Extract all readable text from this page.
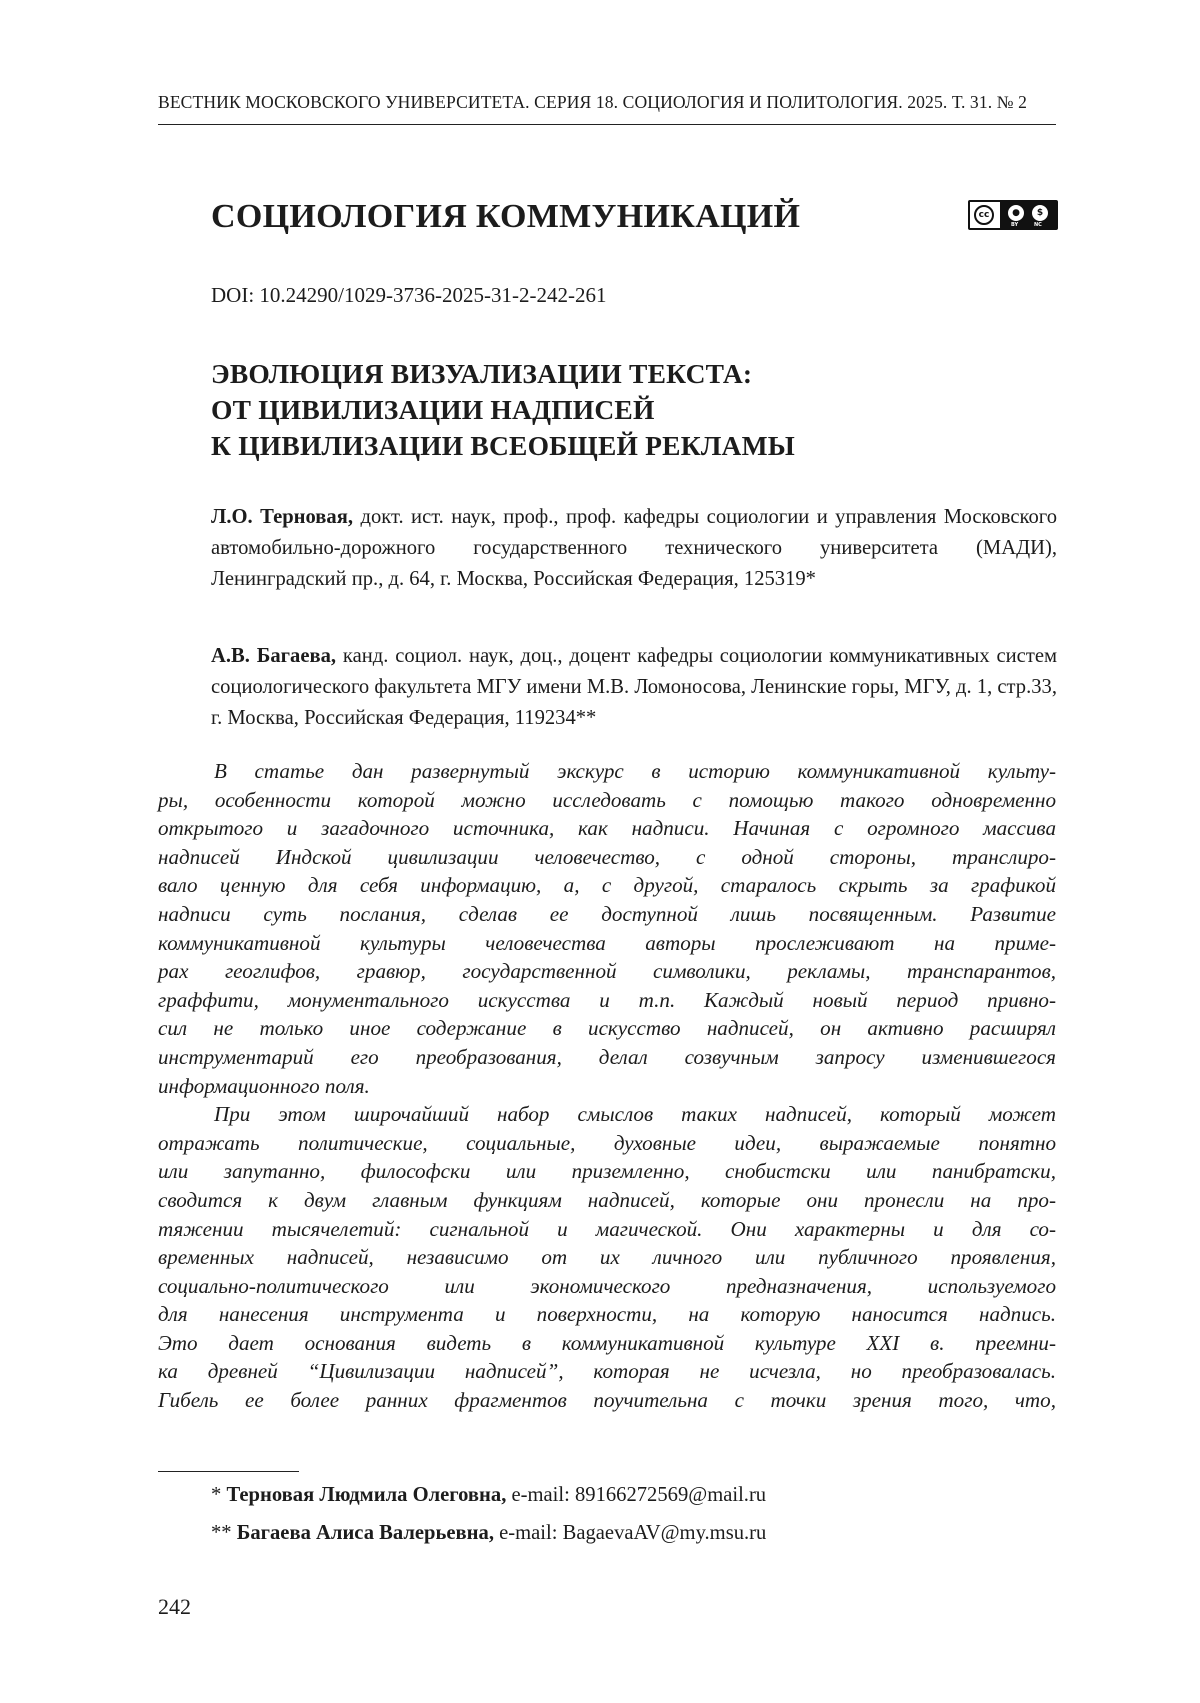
ВЕСТНИК МОСКОВСКОГО УНИВЕРСИТЕТА. СЕРИЯ 18. СОЦИОЛОГИЯ И ПОЛИТОЛОГИЯ. 2025. Т. 31. № 2
СОЦИОЛОГИЯ КОММУНИКАЦИЙ	cc	●	$
BY	NC
DOI: 10.24290/1029-3736-2025-31-2-242-261
ЭВОЛЮЦИЯ ВИЗУАЛИЗАЦИИ ТЕКСТА:
ОТ ЦИВИЛИЗАЦИИ НАДПИСЕЙ
К ЦИВИЛИЗАЦИИ ВСЕОБЩЕЙ РЕКЛАМЫ
Л.О. Терновая, докт. ист. наук, проф., проф. кафедры социологии и управления Московского автомобильно-дорожного государственного технического университета (МАДИ), Ленинградский пр., д. 64, г. Москва, Российская Федерация, 125319*
А.В. Багаева, канд. социол. наук, доц., доцент кафедры социологии коммуникативных систем социологического факультета МГУ имени М.В. Ломоносова, Ленинские горы, МГУ, д. 1, стр.33, г. Москва, Российская Федерация, 119234**
В статье дан развернутый экскурс в историю коммуникативной культу-
ры, особенности которой можно исследовать с помощью такого одновременно
открытого и загадочного источника, как надписи. Начиная с огромного массива
надписей Индской цивилизации человечество, с одной стороны, транслиро-
вало ценную для себя информацию, а, с другой, старалось скрыть за графикой
надписи суть послания, сделав ее доступной лишь посвященным. Развитие
коммуникативной культуры человечества авторы прослеживают на приме-
рах геоглифов, гравюр, государственной символики, рекламы, транспарантов,
граффити, монументального искусства и т.п. Каждый новый период привно-
сил не только иное содержание в искусство надписей, он активно расширял
инструментарий его преобразования, делал созвучным запросу изменившегося
информационного поля.
При этом широчайший набор смыслов таких надписей, который может
отражать политические, социальные, духовные идеи, выражаемые понятно
или запутанно, философски или приземленно, снобистски или панибратски,
сводится к двум главным функциям надписей, которые они пронесли на про-
тяжении тысячелетий: сигнальной и магической. Они характерны и для со-
временных надписей, независимо от их личного или публичного проявления,
социально-политического или экономического предназначения, используемого
для нанесения инструмента и поверхности, на которую наносится надпись.
Это дает основания видеть в коммуникативной культуре XXI в. преемни-
ка древней “Цивилизации надписей”, которая не исчезла, но преобразовалась.
Гибель ее более ранних фрагментов поучительна с точки зрения того, что,
* Терновая Людмила Олеговна, e-mail: 89166272569@mail.ru
** Багаева Алиса Валерьевна, e-mail: BagaevaAV@my.msu.ru
242
